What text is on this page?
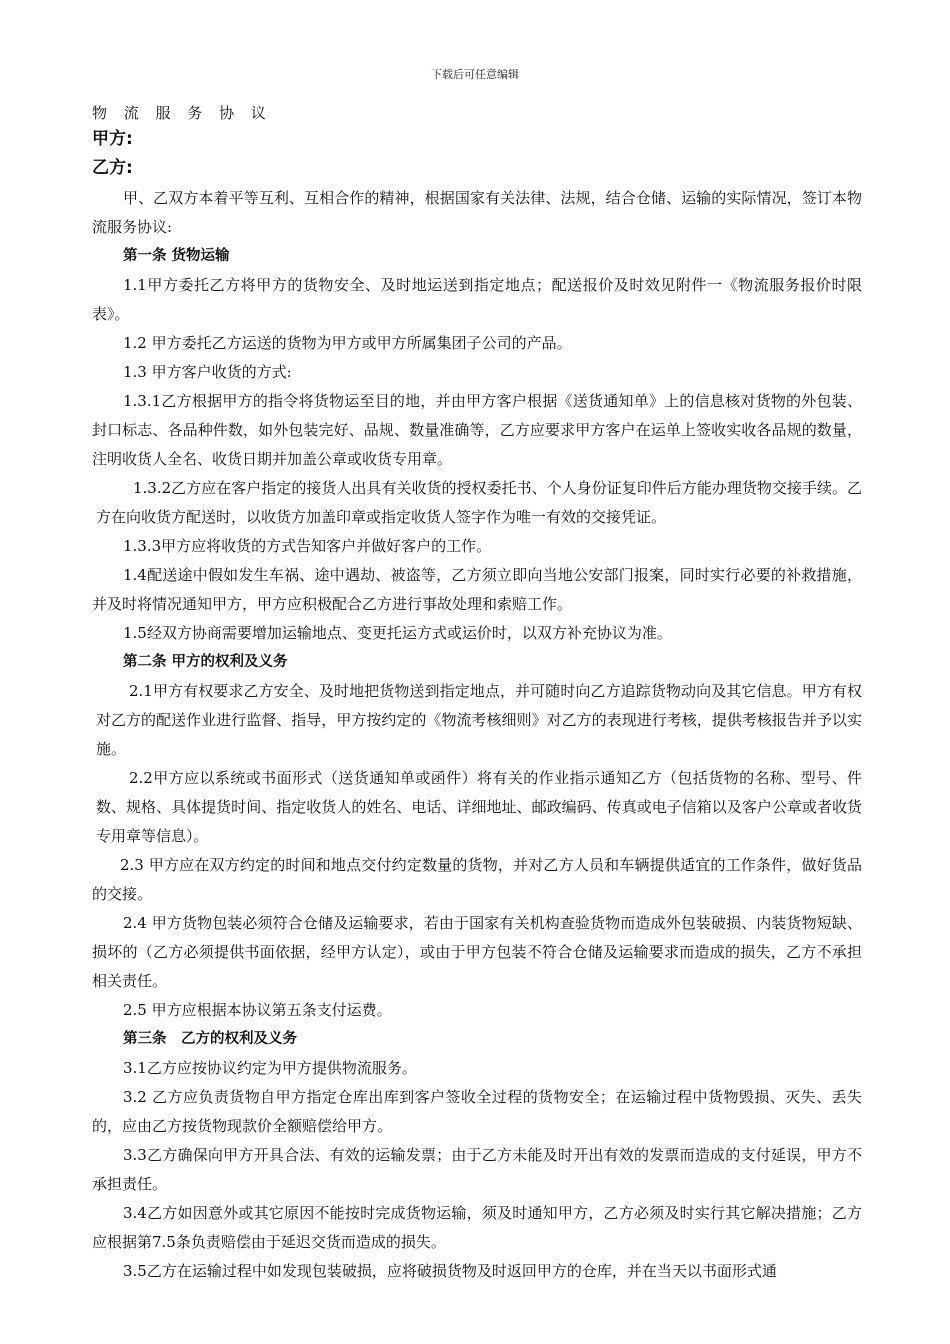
下载后可任意编辑
物 流 服 务 协 议
甲方:
乙方:

甲、乙双方本着平等互利、互相合作的精神，根据国家有关法律、法规，结合仓储、运输的实际情况，签订本物流服务协议:

第一条 货物运输

1.1甲方委托乙方将甲方的货物安全、及时地运送到指定地点；配送报价及时效见附件一《物流服务报价时限表》。

1.2 甲方委托乙方运送的货物为甲方或甲方所属集团子公司的产品。

1.3 甲方客户收货的方式:

1.3.1乙方根据甲方的指令将货物运至目的地，并由甲方客户根据《送货通知单》上的信息核对货物的外包装、封口标志、各品种件数，如外包装完好、品规、数量准确等，乙方应要求甲方客户在运单上签收实收各品规的数量，注明收货人全名、收货日期并加盖公章或收货专用章。

1.3.2乙方应在客户指定的接货人出具有关收货的授权委托书、个人身份证复印件后方能办理货物交接手续。乙方在向收货方配送时，以收货方加盖印章或指定收货人签字作为唯一有效的交接凭证。

1.3.3甲方应将收货的方式告知客户并做好客户的工作。

1.4配送途中假如发生车祸、途中遇劫、被盗等，乙方须立即向当地公安部门报案，同时实行必要的补救措施，并及时将情况通知甲方，甲方应积极配合乙方进行事故处理和索赔工作。

1.5经双方协商需要增加运输地点、变更托运方式或运价时，以双方补充协议为准。

第二条 甲方的权利及义务

2.1甲方有权要求乙方安全、及时地把货物送到指定地点，并可随时向乙方追踪货物动向及其它信息。甲方有权对乙方的配送作业进行监督、指导，甲方按约定的《物流考核细则》对乙方的表现进行考核，提供考核报告并予以实施。

2.2甲方应以系统或书面形式（送货通知单或函件）将有关的作业指示通知乙方（包括货物的名称、型号、件数、规格、具体提货时间、指定收货人的姓名、电话、详细地址、邮政编码、传真或电子信箱以及客户公章或者收货专用章等信息）。

2.3 甲方应在双方约定的时间和地点交付约定数量的货物，并对乙方人员和车辆提供适宜的工作条件，做好货品的交接。

2.4 甲方货物包装必须符合仓储及运输要求，若由于国家有关机构查验货物而造成外包装破损、内装货物短缺、损坏的（乙方必须提供书面依据，经甲方认定），或由于甲方包装不符合仓储及运输要求而造成的损失，乙方不承担相关责任。

2.5 甲方应根据本协议第五条支付运费。

第三条　乙方的权利及义务

3.1乙方应按协议约定为甲方提供物流服务。

3.2 乙方应负责货物自甲方指定仓库出库到客户签收全过程的货物安全；在运输过程中货物毁损、灭失、丢失的，应由乙方按货物现款价全额赔偿给甲方。

3.3乙方确保向甲方开具合法、有效的运输发票；由于乙方未能及时开出有效的发票而造成的支付延误，甲方不承担责任。

3.4乙方如因意外或其它原因不能按时完成货物运输，须及时通知甲方，乙方必须及时实行其它解决措施；乙方应根据第7.5条负责赔偿由于延迟交货而造成的损失。

3.5乙方在运输过程中如发现包装破损，应将破损货物及时返回甲方的仓库，并在当天以书面形式通
